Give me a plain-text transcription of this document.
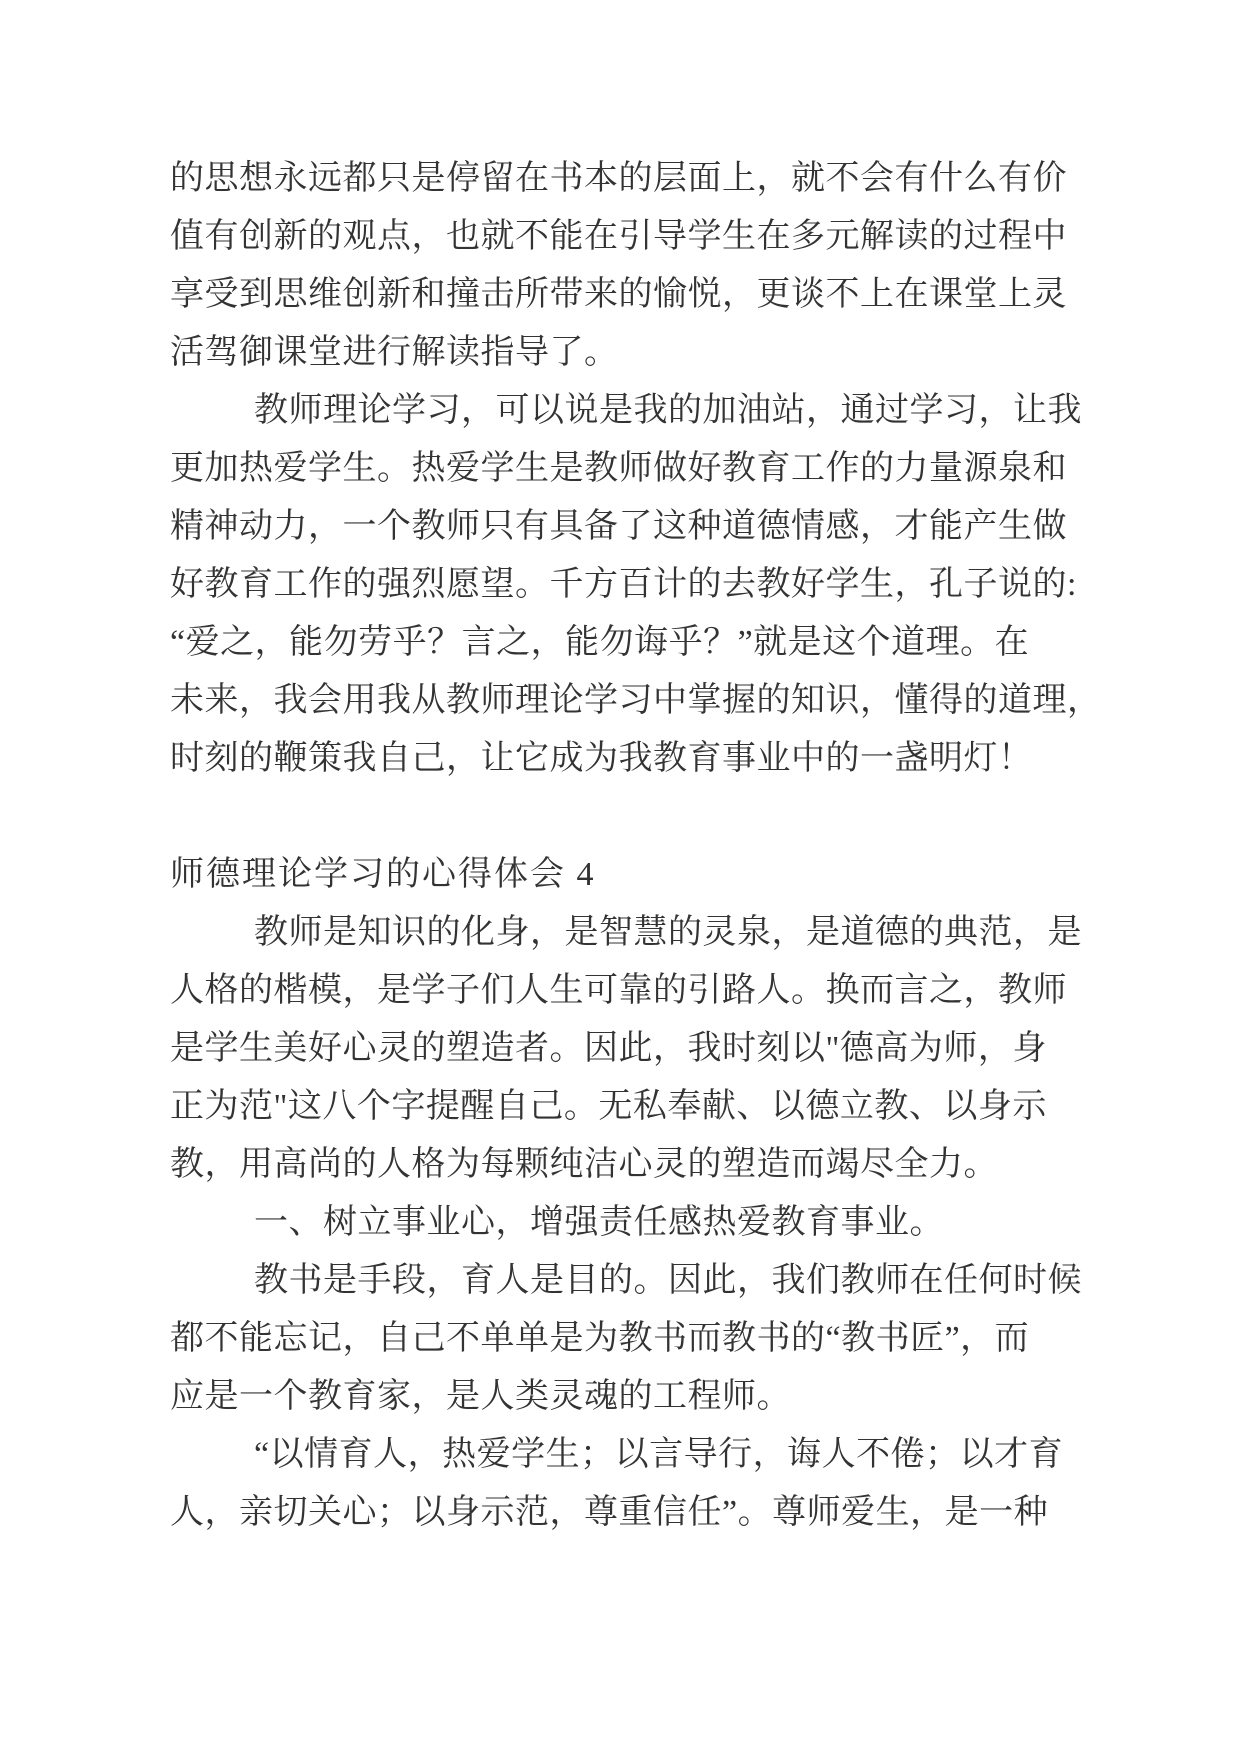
的思想永远都只是停留在书本的层面上，就不会有什么有价
值有创新的观点，也就不能在引导学生在多元解读的过程中
享受到思维创新和撞击所带来的愉悦，更谈不上在课堂上灵
活驾御课堂进行解读指导了。
教师理论学习，可以说是我的加油站，通过学习，让我
更加热爱学生。热爱学生是教师做好教育工作的力量源泉和
精神动力，一个教师只有具备了这种道德情感，才能产生做
好教育工作的强烈愿望。千方百计的去教好学生，孔子说的:
“爱之，能勿劳乎？言之，能勿诲乎？”就是这个道理。在
未来，我会用我从教师理论学习中掌握的知识，懂得的道理，
时刻的鞭策我自己，让它成为我教育事业中的一盏明灯！
师德理论学习的心得体会 4
教师是知识的化身，是智慧的灵泉，是道德的典范，是
人格的楷模，是学子们人生可靠的引路人。换而言之，教师
是学生美好心灵的塑造者。因此，我时刻以"德高为师，身
正为范"这八个字提醒自己。无私奉献、以德立教、以身示
教，用高尚的人格为每颗纯洁心灵的塑造而竭尽全力。
一、树立事业心，增强责任感热爱教育事业。
教书是手段，育人是目的。因此，我们教师在任何时候
都不能忘记，自己不单单是为教书而教书的“教书匠”，而
应是一个教育家，是人类灵魂的工程师。
“以情育人，热爱学生；以言导行，诲人不倦；以才育
人，亲切关心；以身示范，尊重信任”。尊师爱生，是一种
